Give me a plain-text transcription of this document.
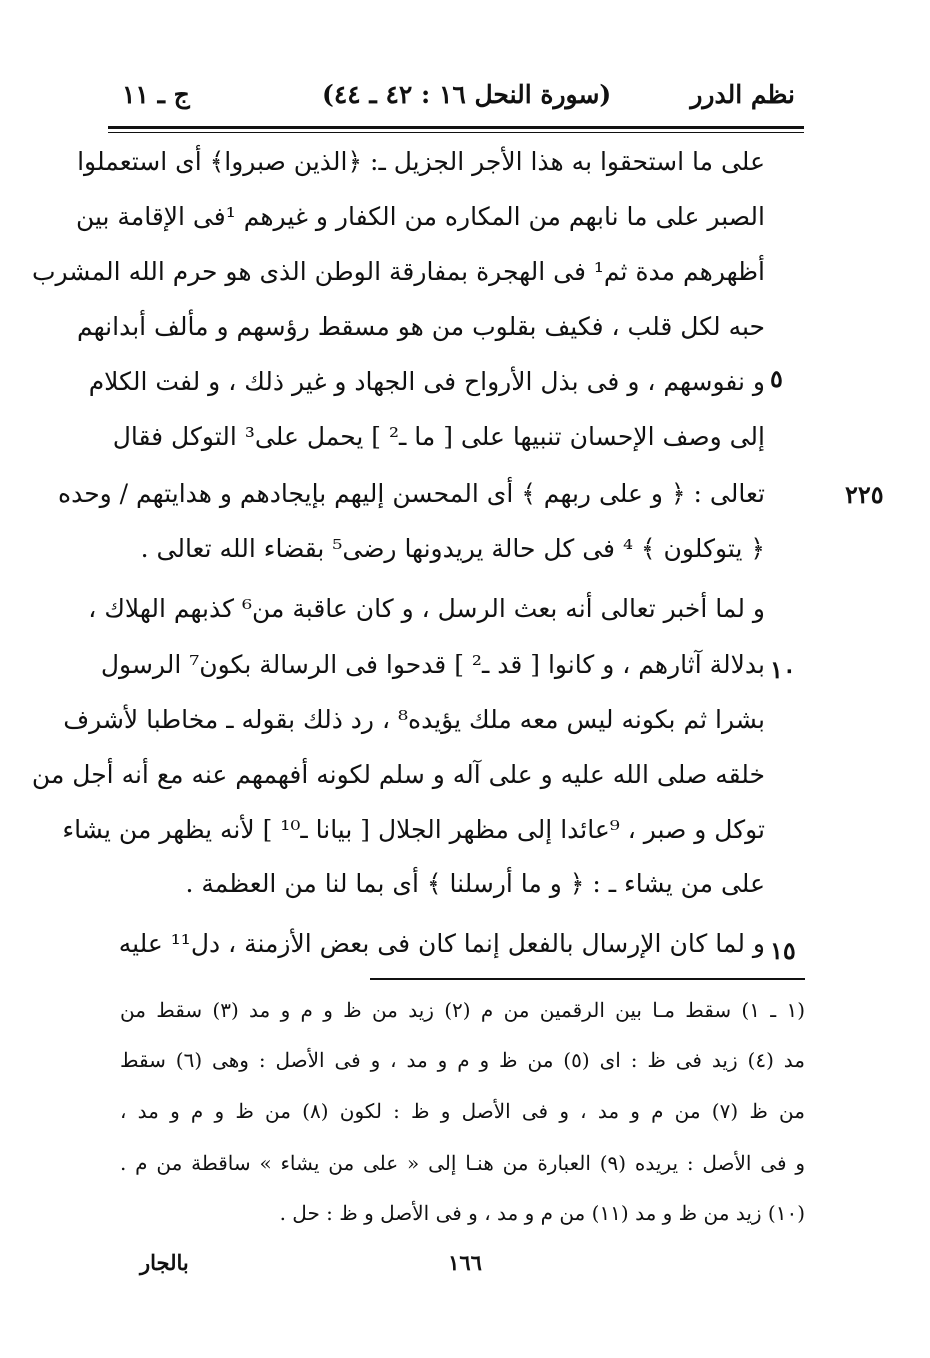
نظم الدرر
(سورة النحل ١٦ : ٤٢ ـ ٤٤)
ج ـ ١١
على ما استحقوا به هذا الأجر الجزيل ـ: ﴿الذين صبروا﴾ أى استعملوا
الصبر على ما نابهم من المكاره من الكفار و غيرهم ¹فى الإقامة بين
أظهرهم مدة ثم¹ فى الهجرة بمفارقة الوطن الذى هو حرم الله المشرب
حبه لكل قلب ، فكيف بقلوب من هو مسقط رؤسهم و مألف أبدانهم
و نفوسهم ، و فى بذل الأرواح فى الجهاد و غير ذلك ، و لفت الكلام
إلى وصف الإحسان تنبيها على [ ما ـ² ] يحمل على³ التوكل فقال
تعالى : ﴿ و على ربهم ﴾ أى المحسن إليهم بإيجادهم و هدايتهم / وحده
﴿ يتوكلون ﴾ ⁴ فى كل حالة يريدونها رضى⁵ بقضاء الله تعالى .
و لما أخبر تعالى أنه بعث الرسل ، و كان عاقبة من⁶ كذبهم الهلاك ،
بدلالة آثارهم ، و كانوا [ قد ـ² ] قدحوا فى الرسالة بكون⁷ الرسول
بشرا ثم بكونه ليس معه ملك يؤيده⁸ ، رد ذلك بقوله ـ مخاطبا لأشرف
خلقه صلى الله عليه و على آله و سلم لكونه أفهمهم عنه مع أنه أجل من
توكل و صبر ، ⁹عائدا إلى مظهر الجلال [ بيانا ـ¹⁰ ] لأنه يظهر من يشاء
على من يشاء ـ : ﴿ و ما أرسلنا ﴾ أى بما لنا من العظمة .
و لما كان الإرسال بالفعل إنما كان فى بعض الأزمنة ، دل¹¹ عليه
٥
١٠
١٥
٢٢٥
(١ ـ ١) سقط مـا بين الرقمين من م (٢) زيد من ظ و م و مد (٣) سقط من
مد (٤) زيد فى ظ : اى (٥) من ظ و م و مد ، و فى الأصل : وهى (٦) سقط
من ظ (٧) من م و مد ، و فى الأصل و ظ : لكون (٨) من ظ و م و مد ،
و فى الأصل : يريده (٩) العبارة من هنـا إلى « على من يشاء » ساقطة من م .
(١٠) زيد من ظ و مد (١١) من م و مد ، و فى الأصل و ظ : حل .
١٦٦
بالجار
